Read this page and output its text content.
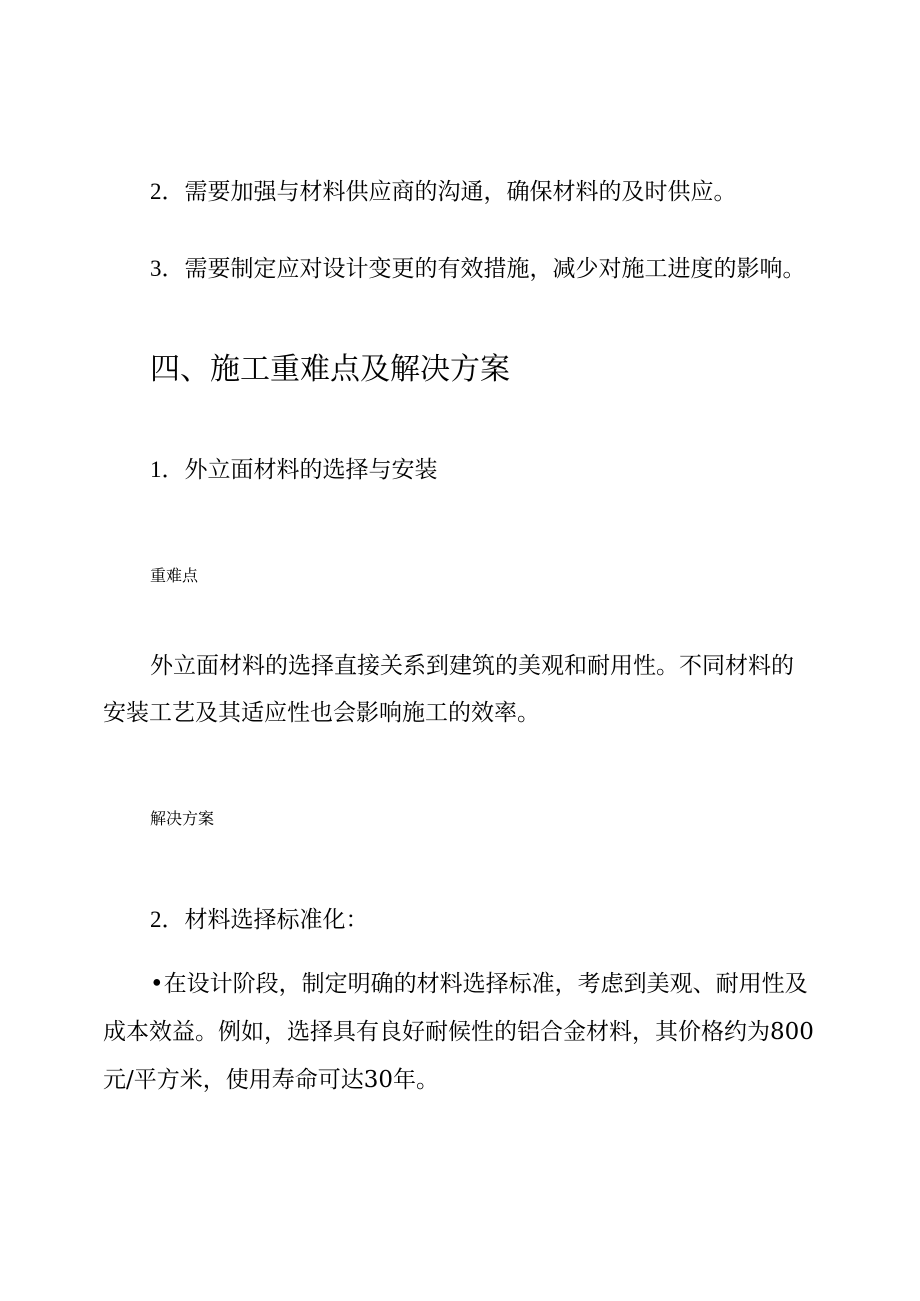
2．需要加强与材料供应商的沟通，确保材料的及时供应。
3．需要制定应对设计变更的有效措施，减少对施工进度的影响。
四、施工重难点及解决方案
1．外立面材料的选择与安装
重难点
外立面材料的选择直接关系到建筑的美观和耐用性。不同材料的
安装工艺及其适应性也会影响施工的效率。
解决方案
2．材料选择标准化：
•在设计阶段，制定明确的材料选择标准，考虑到美观、耐用性及
成本效益。例如，选择具有良好耐候性的铝合金材料，其价格约为800
元/平方米，使用寿命可达30年。
